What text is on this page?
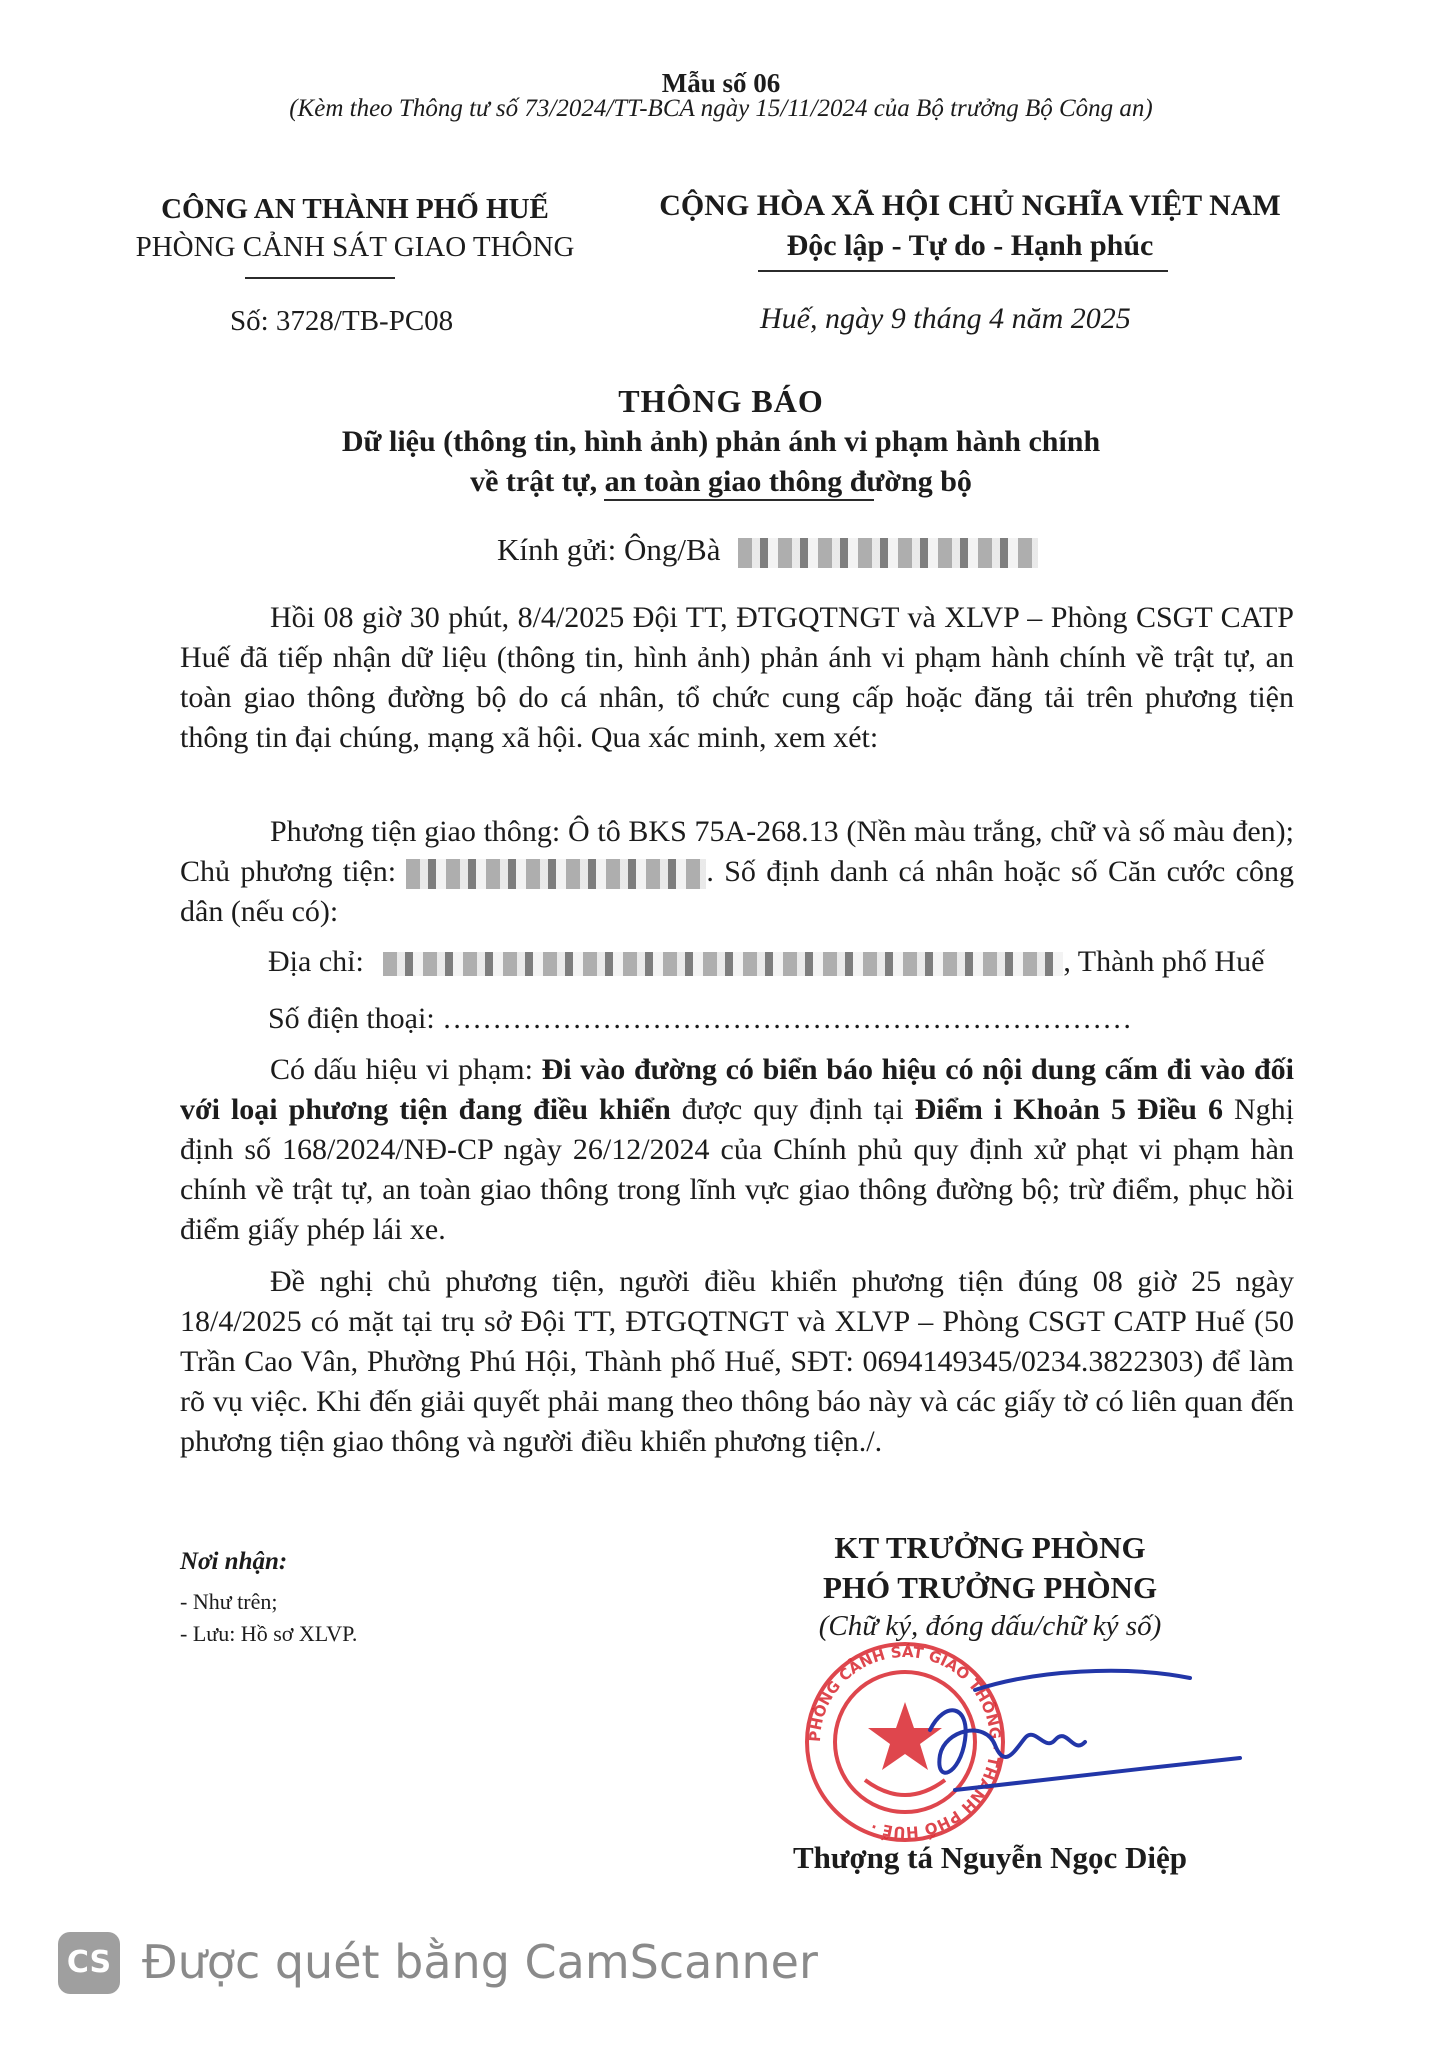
Mẫu số 06
(Kèm theo Thông tư số 73/2024/TT-BCA ngày 15/11/2024 của Bộ trưởng Bộ Công an)
CÔNG AN THÀNH PHỐ HUẾ
PHÒNG CẢNH SÁT GIAO THÔNG
CỘNG HÒA XÃ HỘI CHỦ NGHĨA VIỆT NAM
Độc lập - Tự do - Hạnh phúc
Số: 3728/TB-PC08	Huế, ngày 9 tháng 4 năm 2025
THÔNG BÁO
Dữ liệu (thông tin, hình ảnh) phản ánh vi phạm hành chính
về trật tự, an toàn giao thông đường bộ
Kính gửi: Ông/Bà

Hồi 08 giờ 30 phút, 8/4/2025 Đội TT, ĐTGQTNGT và XLVP – Phòng CSGT CATP Huế đã tiếp nhận dữ liệu (thông tin, hình ảnh) phản ánh vi phạm hành chính về trật tự, an toàn giao thông đường bộ do cá nhân, tổ chức cung cấp hoặc đăng tải trên phương tiện thông tin đại chúng, mạng xã hội. Qua xác minh, xem xét:

Phương tiện giao thông: Ô tô BKS 75A-268.13 (Nền màu trắng, chữ và số màu đen); Chủ phương tiện:	. Số định danh cá nhân hoặc số Căn cước công dân (nếu có):

Địa chỉ:	, Thành phố Huế
Số điện thoại: ……………………………………………………………

Có dấu hiệu vi phạm: Đi vào đường có biển báo hiệu có nội dung cấm đi vào đối với loại phương tiện đang điều khiển được quy định tại Điểm i Khoản 5 Điều 6 Nghị định số 168/2024/NĐ-CP ngày 26/12/2024 của Chính phủ quy định xử phạt vi phạm hàn chính về trật tự, an toàn giao thông trong lĩnh vực giao thông đường bộ; trừ điểm, phục hồi điểm giấy phép lái xe.

Đề nghị chủ phương tiện, người điều khiển phương tiện đúng 08 giờ 25 ngày 18/4/2025 có mặt tại trụ sở Đội TT, ĐTGQTNGT và XLVP – Phòng CSGT CATP Huế (50 Trần Cao Vân, Phường Phú Hội, Thành phố Huế, SĐT: 0694149345/0234.3822303) để làm rõ vụ việc. Khi đến giải quyết phải mang theo thông báo này và các giấy tờ có liên quan đến phương tiện giao thông và người điều khiển phương tiện./.

Nơi nhận:
- Như trên;
- Lưu: Hồ sơ XLVP.
KT TRƯỞNG PHÒNG
PHÓ TRƯỞNG PHÒNG
(Chữ ký, đóng dấu/chữ ký số)
PHÒNG CẢNH SÁT GIAO THÔNG · THÀNH PHỐ HUẾ ·
Thượng tá Nguyễn Ngọc Diệp
CS Được quét bằng CamScanner
